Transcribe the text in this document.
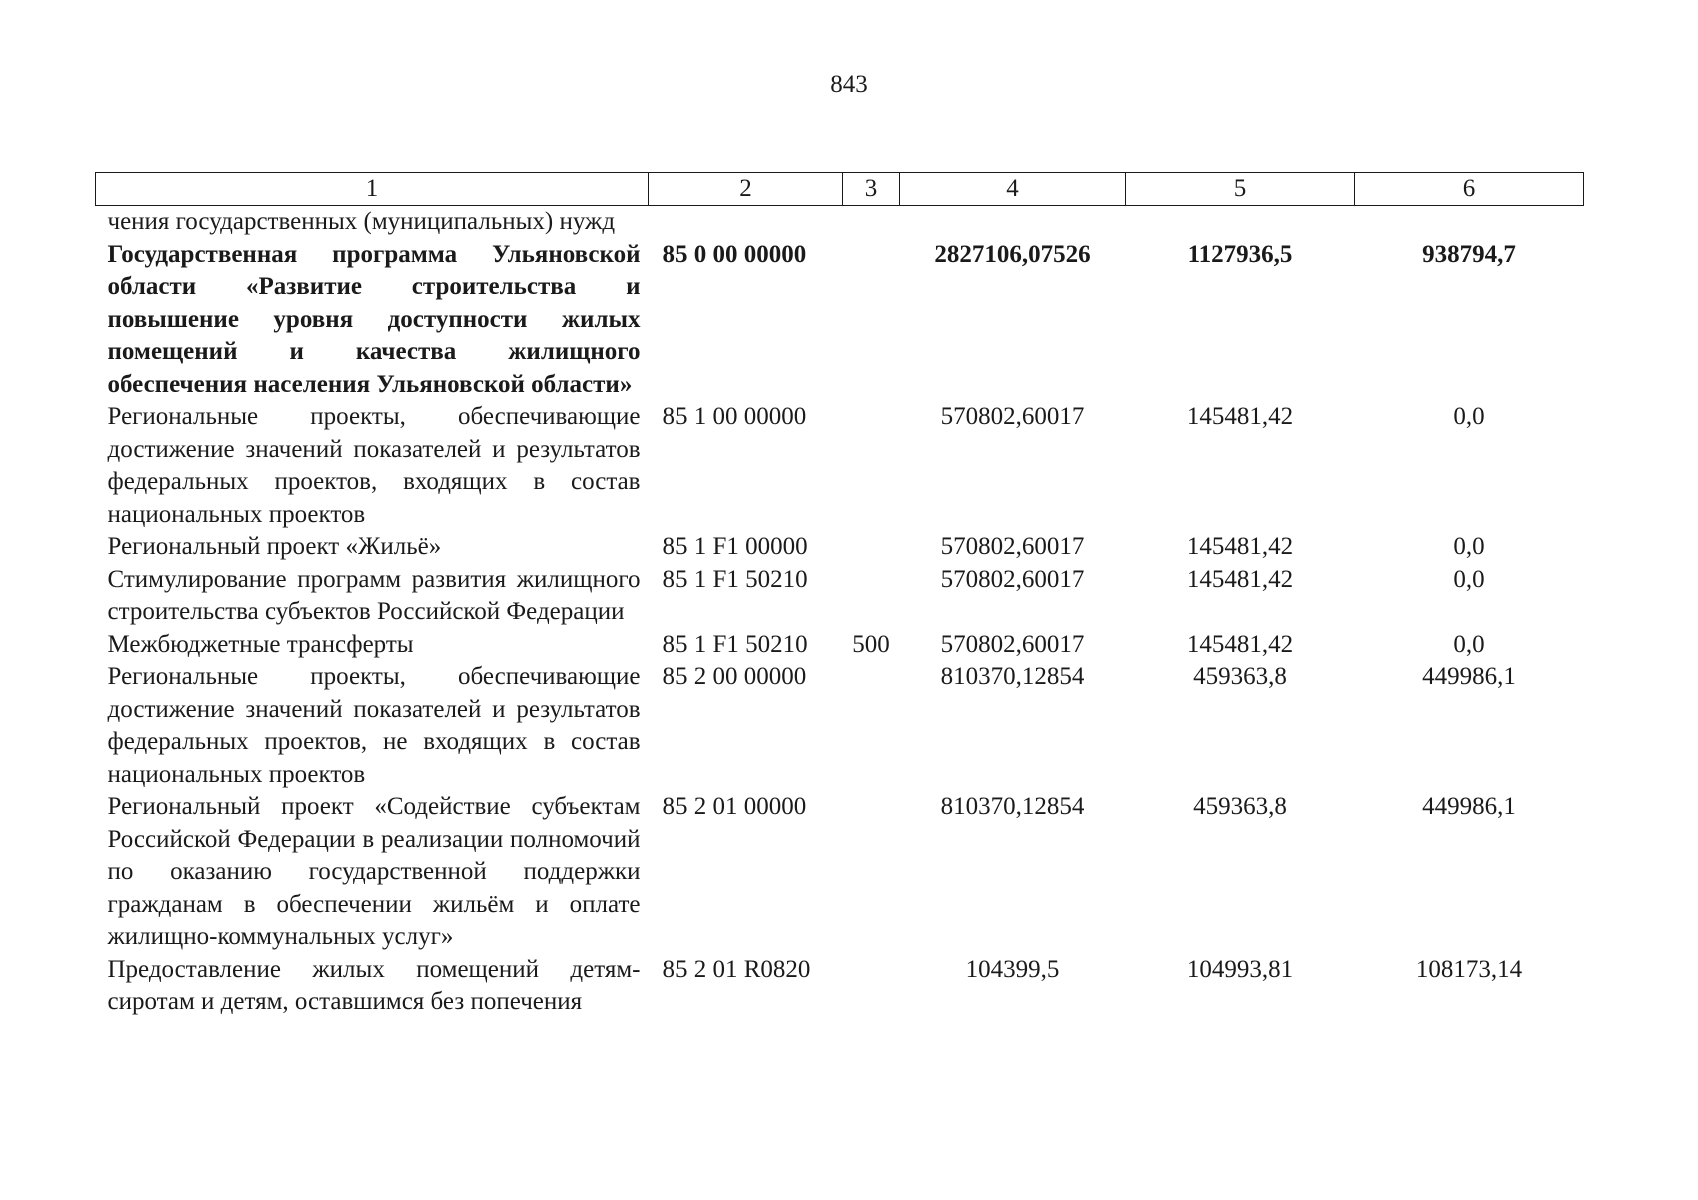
843
1	2	3	4	5	6
чения государственных (муниципальных) нужд					
Государственная программа Ульяновской области «Развитие строительства и повышение уровня доступности жилых помещений и качества жилищного обеспечения населения Ульяновской области»	85 0 00 00000		2827106,07526	1127936,5	938794,7
Региональные проекты, обеспечивающие достижение значений показателей и результатов федеральных проектов, входящих в состав национальных проектов	85 1 00 00000		570802,60017	145481,42	0,0
Региональный проект «Жильё»	85 1 F1 00000		570802,60017	145481,42	0,0
Стимулирование программ развития жилищного строительства субъектов Российской Федерации	85 1 F1 50210		570802,60017	145481,42	0,0
Межбюджетные трансферты	85 1 F1 50210	500	570802,60017	145481,42	0,0
Региональные проекты, обеспечивающие достижение значений показателей и результатов федеральных проектов, не входящих в состав национальных проектов	85 2 00 00000		810370,12854	459363,8	449986,1
Региональный проект «Содействие субъектам Российской Федерации в реализации полномочий по оказанию государственной поддержки гражданам в обеспечении жильём и оплате жилищно-коммунальных услуг»	85 2 01 00000		810370,12854	459363,8	449986,1
Предоставление жилых помещений детям-сиротам и детям, оставшимся без попечения	85 2 01 R0820		104399,5	104993,81	108173,14
